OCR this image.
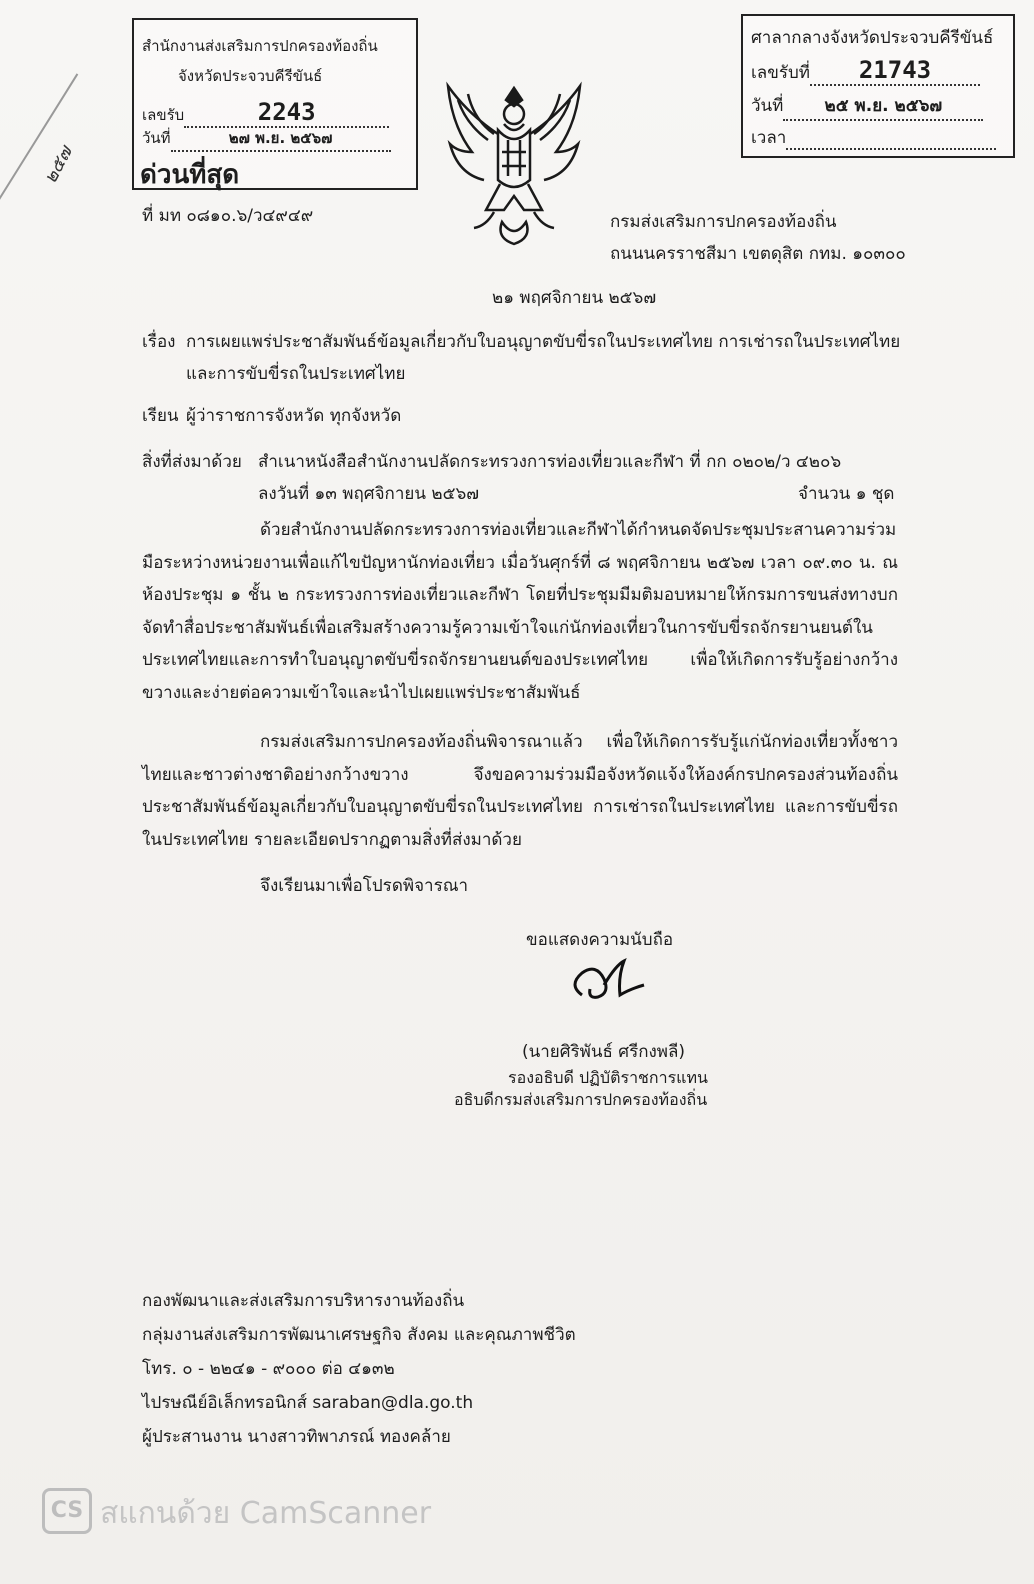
สำนักงานส่งเสริมการปกครองท้องถิ่น
จังหวัดประจวบคีรีขันธ์
เลขรับ	2243
วันที่	๒๗ พ.ย. ๒๕๖๗
ด่วนที่สุด
ศาลากลางจังหวัดประจวบคีรีขันธ์
เลขรับที่ 21743
วันที่ ๒๕ พ.ย. ๒๕๖๗
เวลา
๒๕๗
ที่ มท ๐๘๑๐.๖/ว๔๙๔๙	กรมส่งเสริมการปกครองท้องถิ่น
ถนนนครราชสีมา เขตดุสิต กทม. ๑๐๓๐๐
๒๑ พฤศจิกายน ๒๕๖๗
เรื่อง การเผยแพร่ประชาสัมพันธ์ข้อมูลเกี่ยวกับใบอนุญาตขับขี่รถในประเทศไทย การเช่ารถในประเทศไทย
และการขับขี่รถในประเทศไทย
เรียน ผู้ว่าราชการจังหวัด ทุกจังหวัด
สิ่งที่ส่งมาด้วย สำเนาหนังสือสำนักงานปลัดกระทรวงการท่องเที่ยวและกีฬา ที่ กก ๐๒๐๒/ว ๔๒๐๖
ลงวันที่ ๑๓ พฤศจิกายน ๒๕๖๗	จำนวน ๑ ชุด

ด้วยสำนักงานปลัดกระทรวงการท่องเที่ยวและกีฬาได้กำหนดจัดประชุมประสานความร่วมมือระหว่างหน่วยงานเพื่อแก้ไขปัญหานักท่องเที่ยว เมื่อวันศุกร์ที่ ๘ พฤศจิกายน ๒๕๖๗ เวลา ๐๙.๓๐ น. ณ ห้องประชุม ๑ ชั้น ๒ กระทรวงการท่องเที่ยวและกีฬา โดยที่ประชุมมีมติมอบหมายให้กรมการขนส่งทางบกจัดทำสื่อประชาสัมพันธ์เพื่อเสริมสร้างความรู้ความเข้าใจแก่นักท่องเที่ยวในการขับขี่รถจักรยานยนต์ในประเทศไทยและการทำใบอนุญาตขับขี่รถจักรยานยนต์ของประเทศไทย เพื่อให้เกิดการรับรู้อย่างกว้างขวางและง่ายต่อความเข้าใจและนำไปเผยแพร่ประชาสัมพันธ์

กรมส่งเสริมการปกครองท้องถิ่นพิจารณาแล้ว เพื่อให้เกิดการรับรู้แก่นักท่องเที่ยวทั้งชาวไทยและชาวต่างชาติอย่างกว้างขวาง จึงขอความร่วมมือจังหวัดแจ้งให้องค์กรปกครองส่วนท้องถิ่นประชาสัมพันธ์ข้อมูลเกี่ยวกับใบอนุญาตขับขี่รถในประเทศไทย การเช่ารถในประเทศไทย และการขับขี่รถในประเทศไทย รายละเอียดปรากฏตามสิ่งที่ส่งมาด้วย

จึงเรียนมาเพื่อโปรดพิจารณา
ขอแสดงความนับถือ
(นายศิริพันธ์ ศรีกงพลี)
รองอธิบดี ปฏิบัติราชการแทน
อธิบดีกรมส่งเสริมการปกครองท้องถิ่น
กองพัฒนาและส่งเสริมการบริหารงานท้องถิ่น
กลุ่มงานส่งเสริมการพัฒนาเศรษฐกิจ สังคม และคุณภาพชีวิต
โทร. ๐ - ๒๒๔๑ - ๙๐๐๐ ต่อ ๔๑๓๒
ไปรษณีย์อิเล็กทรอนิกส์ saraban@dla.go.th
ผู้ประสานงาน นางสาวทิพาภรณ์ ทองคล้าย
CS สแกนด้วย CamScanner
